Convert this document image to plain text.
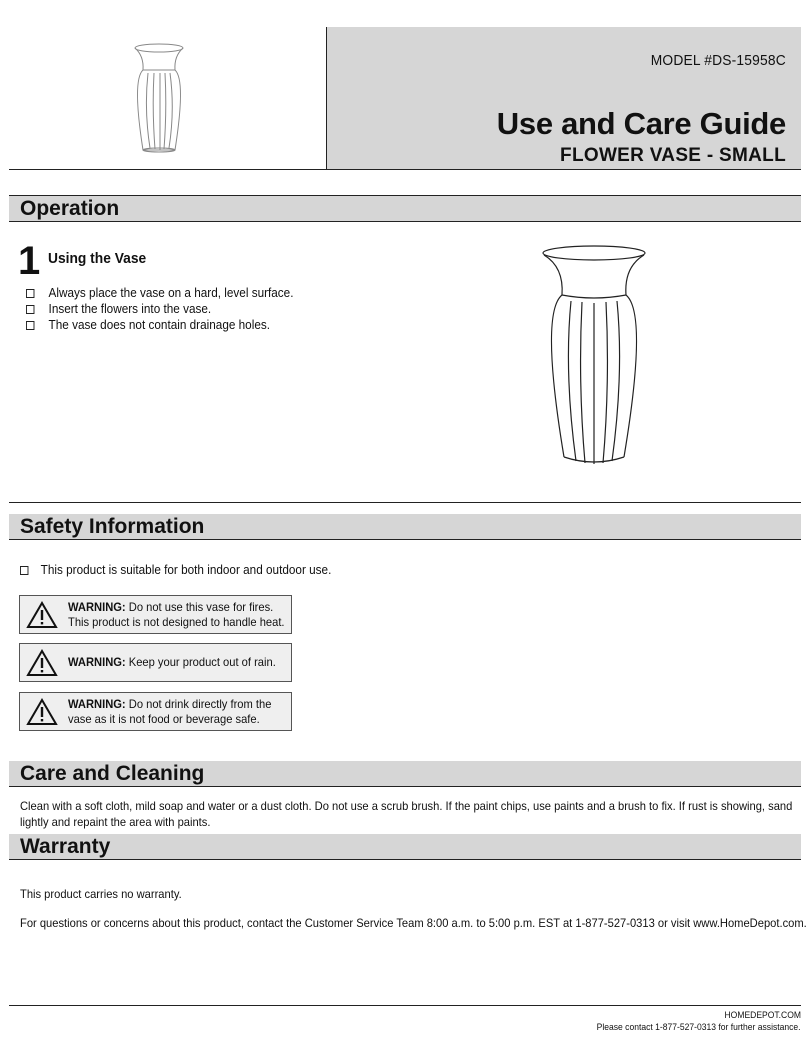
MODEL #DS-15958C
Use and Care Guide
FLOWER VASE - SMALL
Operation
1 Using the Vase
Always place the vase on a hard, level surface.
Insert the flowers into the vase.
The vase does not contain drainage holes.
Safety Information
This product is suitable for both indoor and outdoor use.
WARNING: Do not use this vase for fires.
This product is not designed to handle heat.
WARNING: Keep your product out of rain.
WARNING: Do not drink directly from the
vase as it is not food or beverage safe.
Care and Cleaning
Clean with a soft cloth, mild soap and water or a dust cloth. Do not use a scrub brush. If the paint chips, use paints and a brush to fix. If rust is showing, sand lightly and repaint the area with paints.
Warranty
This product carries no warranty.
For questions or concerns about this product, contact the Customer Service Team 8:00 a.m. to 5:00 p.m. EST at 1-877-527-0313 or visit www.HomeDepot.com.
HOMEDEPOT.COM
Please contact 1-877-527-0313 for further assistance.
